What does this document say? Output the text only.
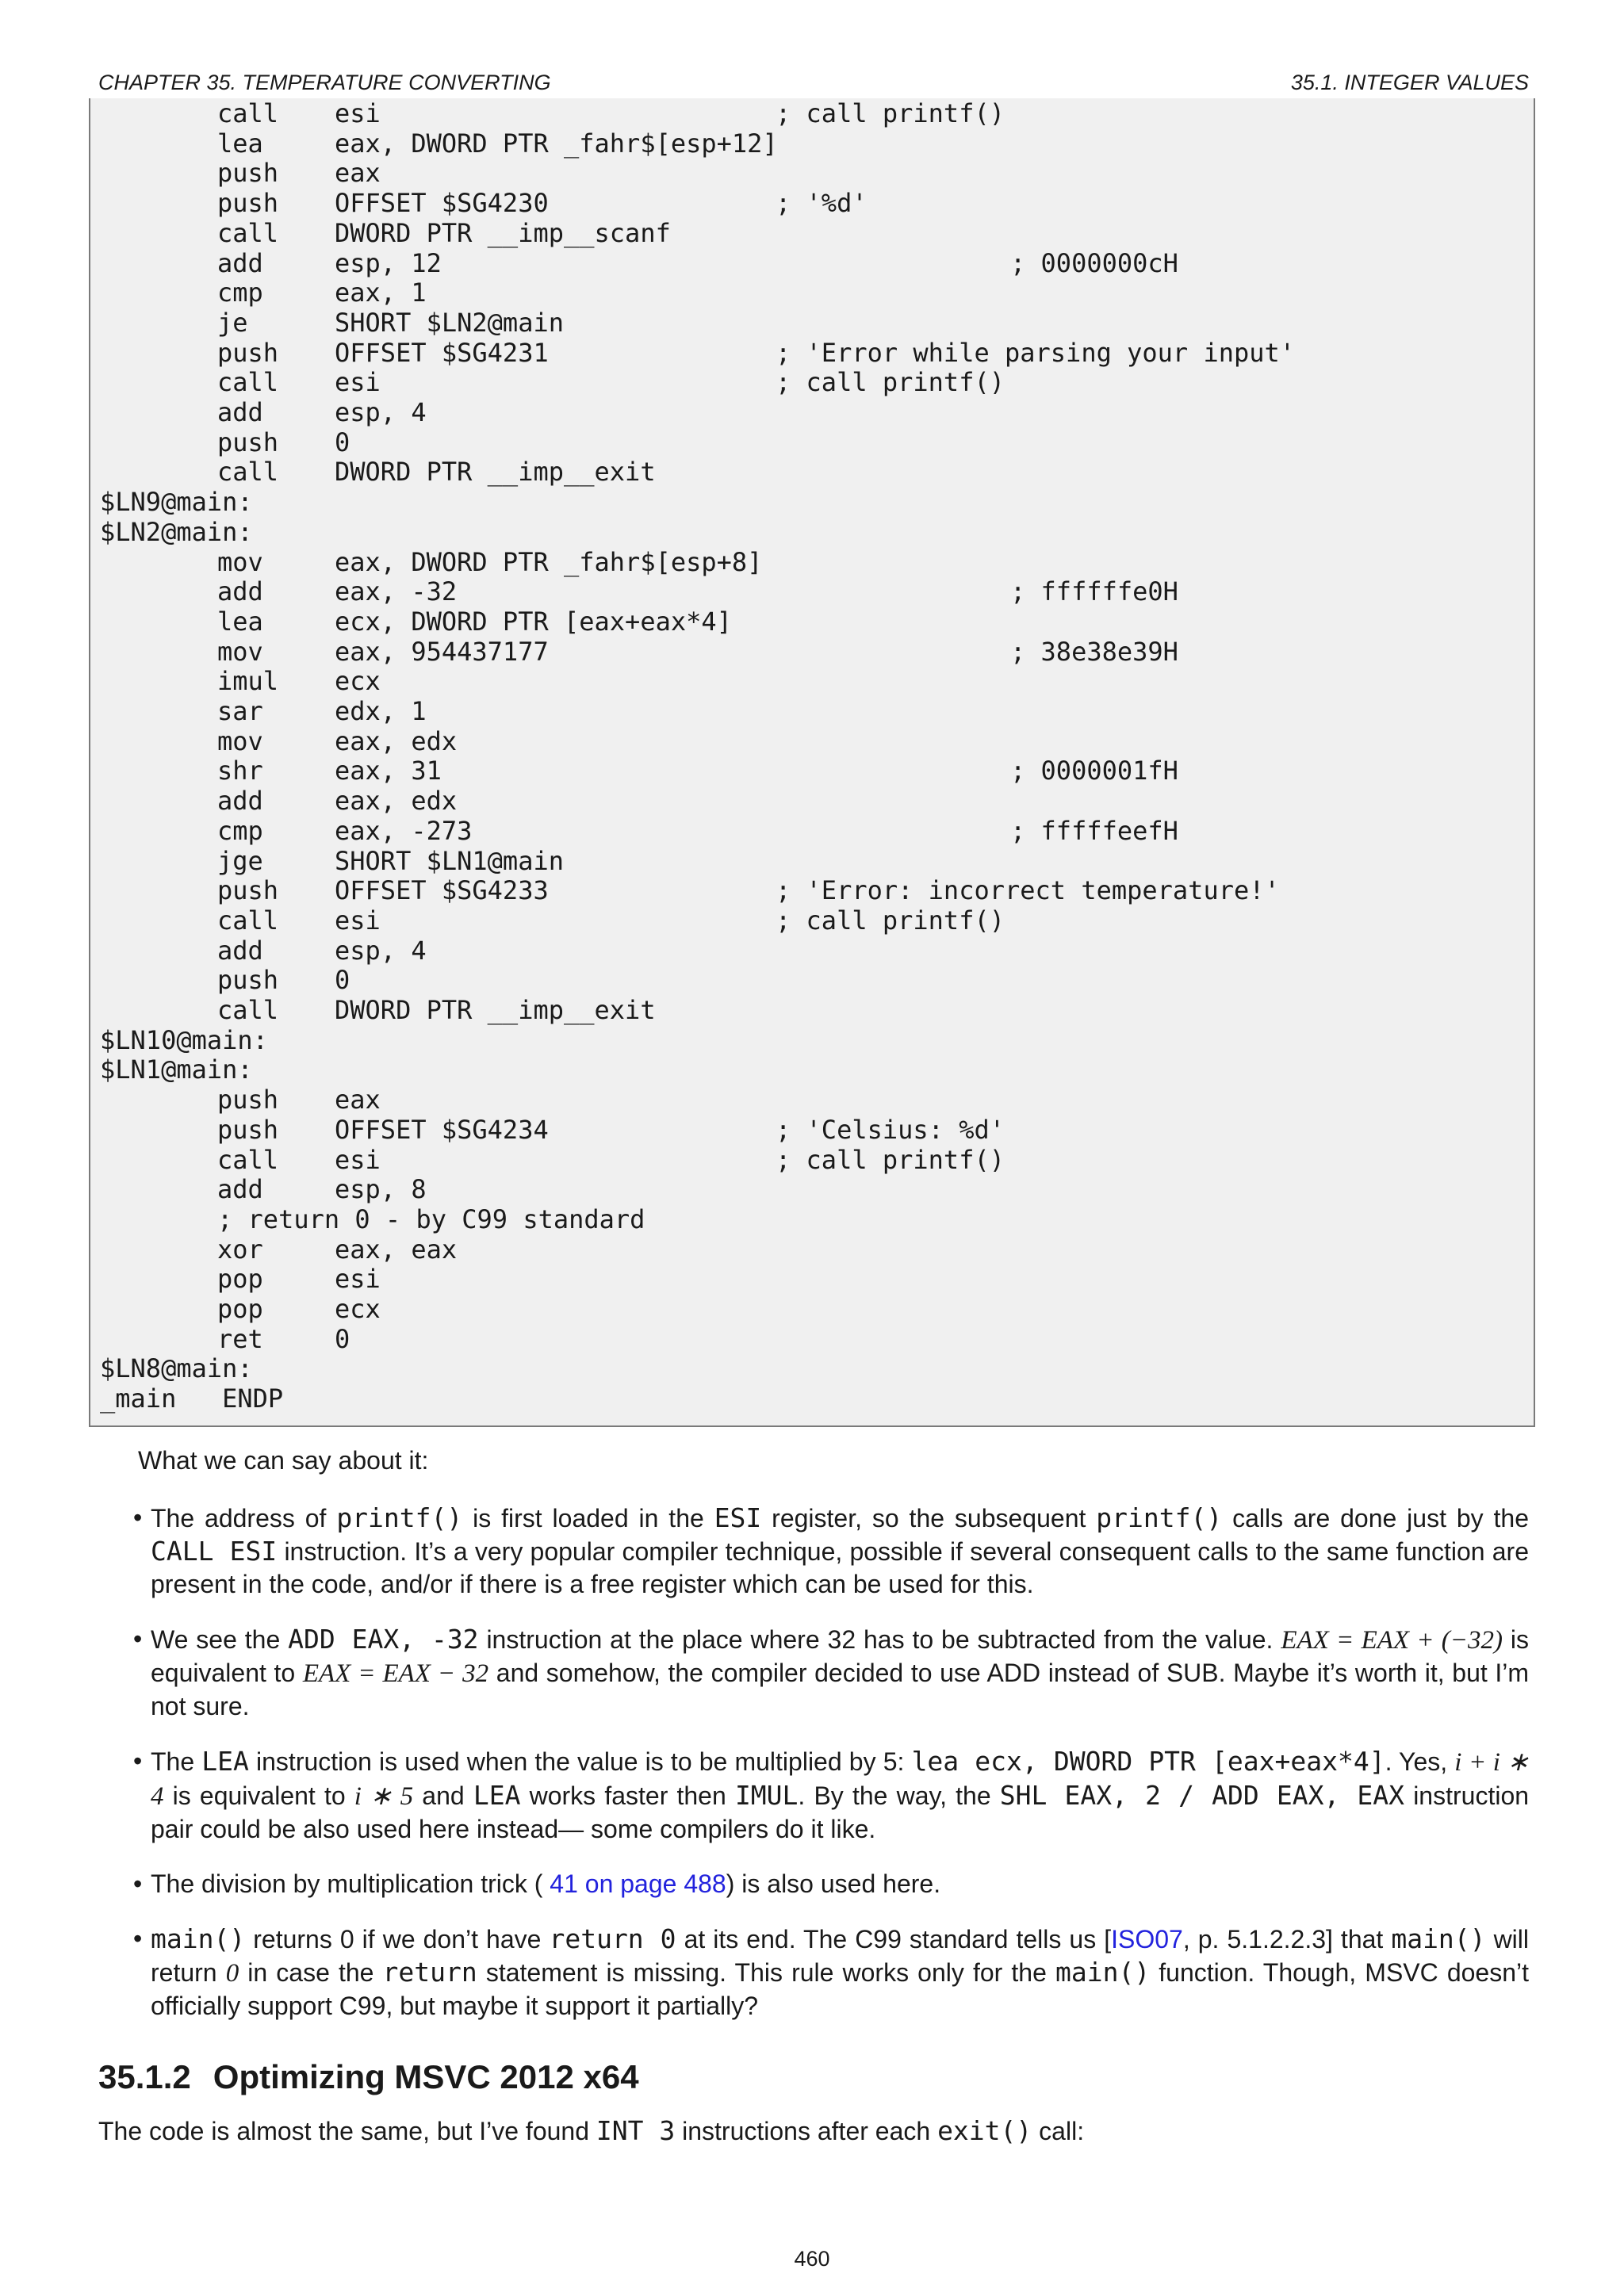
CHAPTER 35. TEMPERATURE CONVERTING	35.1. INTEGER VALUES
call esi	; call printf()
lea	eax, DWORD PTR _fahr$[esp+12]
push eax
push OFFSET $SG4230	; '%d'
call DWORD PTR __imp__scanf
add	esp, 12	; 0000000cH
cmp	eax, 1
je	SHORT $LN2@main
push OFFSET $SG4231	; 'Error while parsing your input'
call esi	; call printf()
add	esp, 4
push 0
call DWORD PTR __imp__exit
$LN9@main:
$LN2@main:
mov	eax, DWORD PTR _fahr$[esp+8]
add	eax, -32	; ffffffe0H
lea	ecx, DWORD PTR [eax+eax*4]
mov	eax, 954437177	; 38e38e39H
imul ecx
sar	edx, 1
mov	eax, edx
shr	eax, 31	; 0000001fH
add	eax, edx
cmp	eax, -273	; fffffeefH
jge	SHORT $LN1@main
push OFFSET $SG4233	; 'Error: incorrect temperature!'
call esi	; call printf()
add	esp, 4
push 0
call DWORD PTR __imp__exit
$LN10@main:
$LN1@main:
push eax
push OFFSET $SG4234	; 'Celsius: %d'
call esi	; call printf()
add	esp, 8
; return 0 - by C99 standard
xor	eax, eax
pop	esi
pop	ecx
ret	0
$LN8@main:
_main   ENDP
What we can say about it:
• The address of printf() is first loaded in the ESI register, so the subsequent printf() calls are done just by the CALL ESI instruction. It’s a very popular compiler technique, possible if several consequent calls to the same function are present in the code, and/or if there is a free register which can be used for this.
• We see the ADD EAX, -32 instruction at the place where 32 has to be subtracted from the value. EAX = EAX + (−32) is equivalent to EAX = EAX − 32 and somehow, the compiler decided to use ADD instead of SUB. Maybe it’s worth it, but I’m not sure.
• The LEA instruction is used when the value is to be multiplied by 5: lea ecx, DWORD PTR [eax+eax*4]. Yes, i + i ∗ 4 is equivalent to i ∗ 5 and LEA works faster then IMUL. By the way, the SHL EAX, 2 / ADD EAX, EAX instruction pair could be also used here instead— some compilers do it like.
• The division by multiplication trick ( 41 on page 488) is also used here.
• main() returns 0 if we don’t have return 0 at its end. The C99 standard tells us [ISO07, p. 5.1.2.2.3] that main() will return 0 in case the return statement is missing. This rule works only for the main() function. Though, MSVC doesn’t officially support C99, but maybe it support it partially?
35.1.2 Optimizing MSVC 2012 x64
The code is almost the same, but I’ve found INT 3 instructions after each exit() call:
460
